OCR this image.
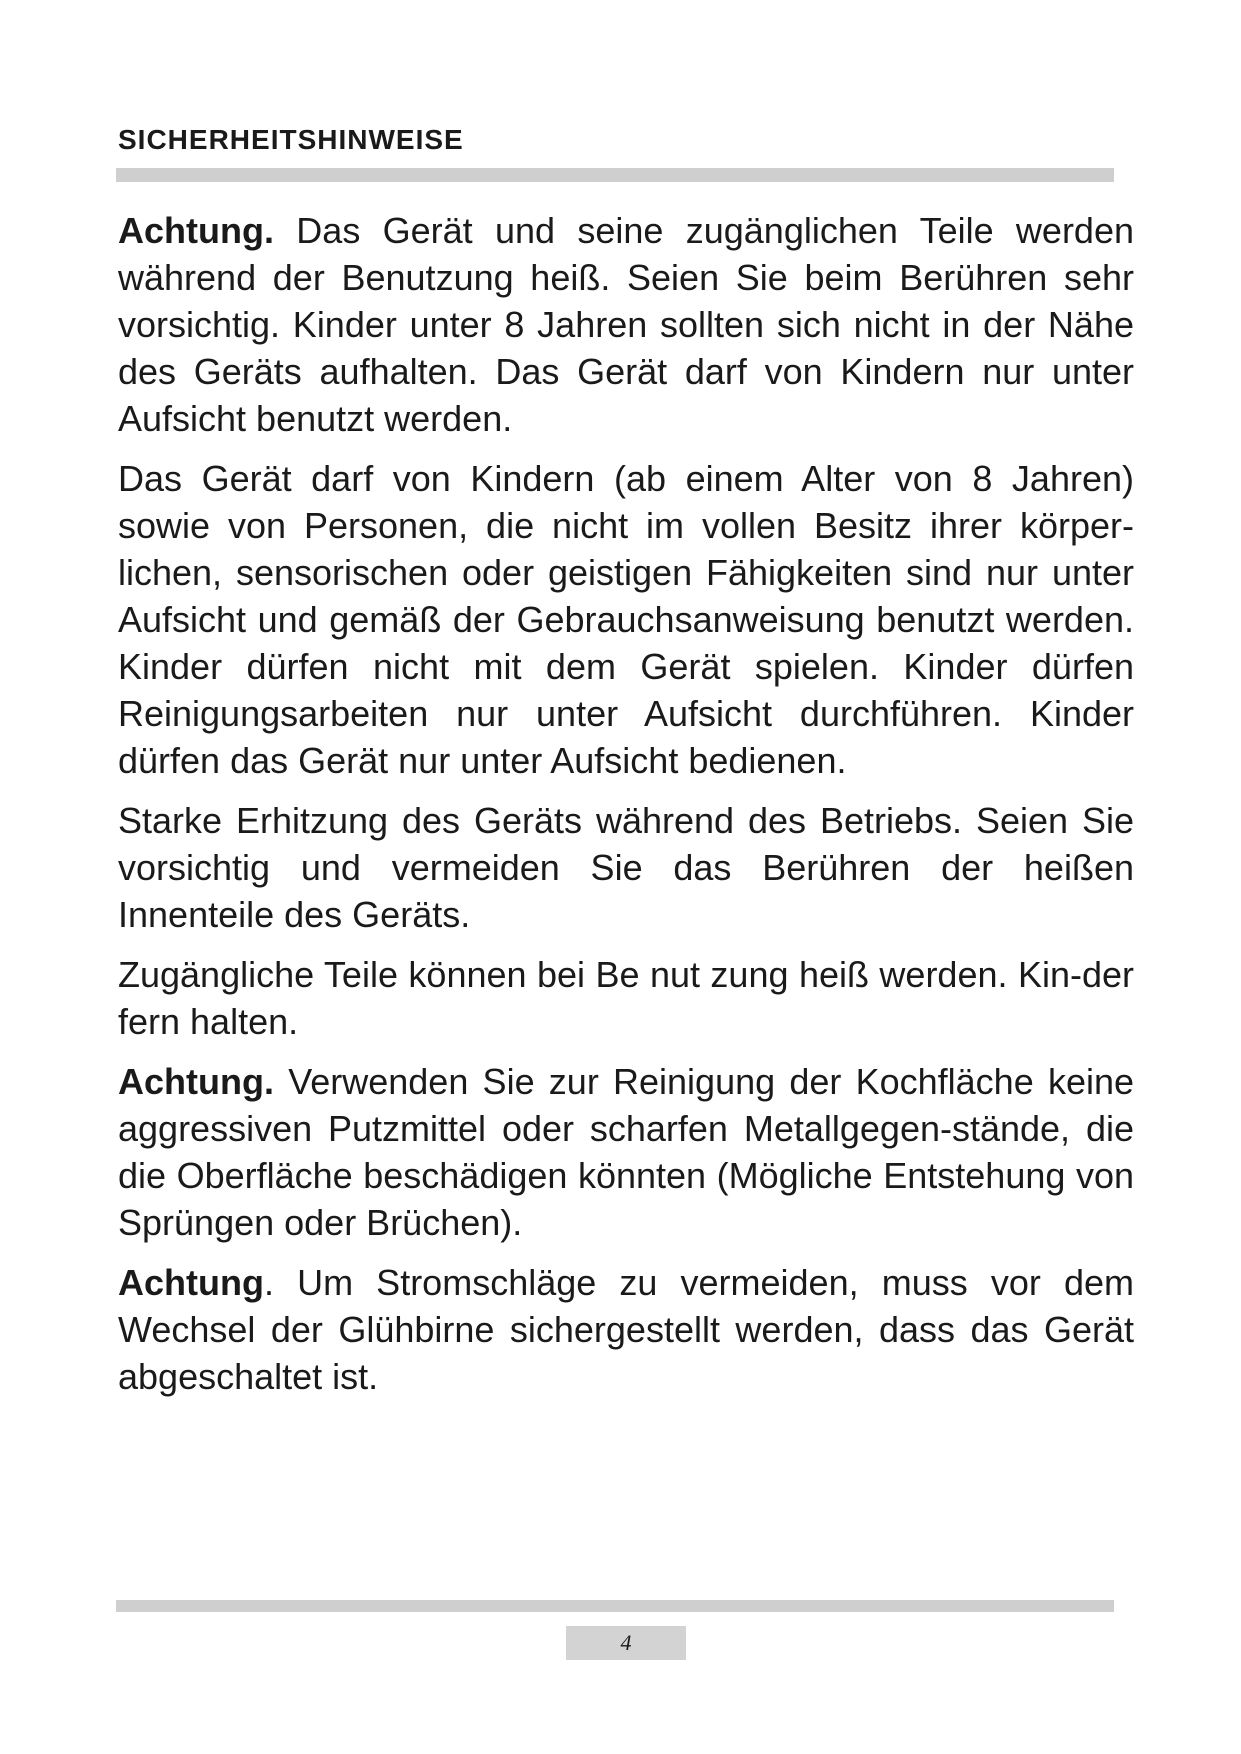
SICHERHEITSHINWEISE

Achtung. Das Gerät und seine zugänglichen Teile werden während der Benutzung heiß. Seien Sie beim Berühren sehr vorsichtig. Kinder unter 8 Jahren sollten sich nicht in der Nähe des Geräts aufhalten. Das Gerät darf von Kindern nur unter Aufsicht benutzt werden.

Das Gerät darf von Kindern (ab einem Alter von 8 Jahren) sowie von Personen, die nicht im vollen Besitz ihrer körper-lichen, sensorischen oder geistigen Fähigkeiten sind nur unter Aufsicht und gemäß der Gebrauchsanweisung benutzt werden. Kinder dürfen nicht mit dem Gerät spielen. Kinder dürfen Reinigungsarbeiten nur unter Aufsicht durchführen. Kinder dürfen das Gerät nur unter Aufsicht bedienen.

Starke Erhitzung des Geräts während des Betriebs. Seien Sie vorsichtig und vermeiden Sie das Berühren der heißen Innenteile des Geräts.

Zugängliche Teile können bei Be nut zung heiß werden. Kin-der fern halten.

Achtung. Verwenden Sie zur Reinigung der Kochfläche keine aggressiven Putzmittel oder scharfen Metallgegen-stände, die die Oberfläche beschädigen könnten (Mögliche Entstehung von Sprüngen oder Brüchen).

Achtung. Um Stromschläge zu vermeiden, muss vor dem Wechsel der Glühbirne sichergestellt werden, dass das Gerät abgeschaltet ist.

4
